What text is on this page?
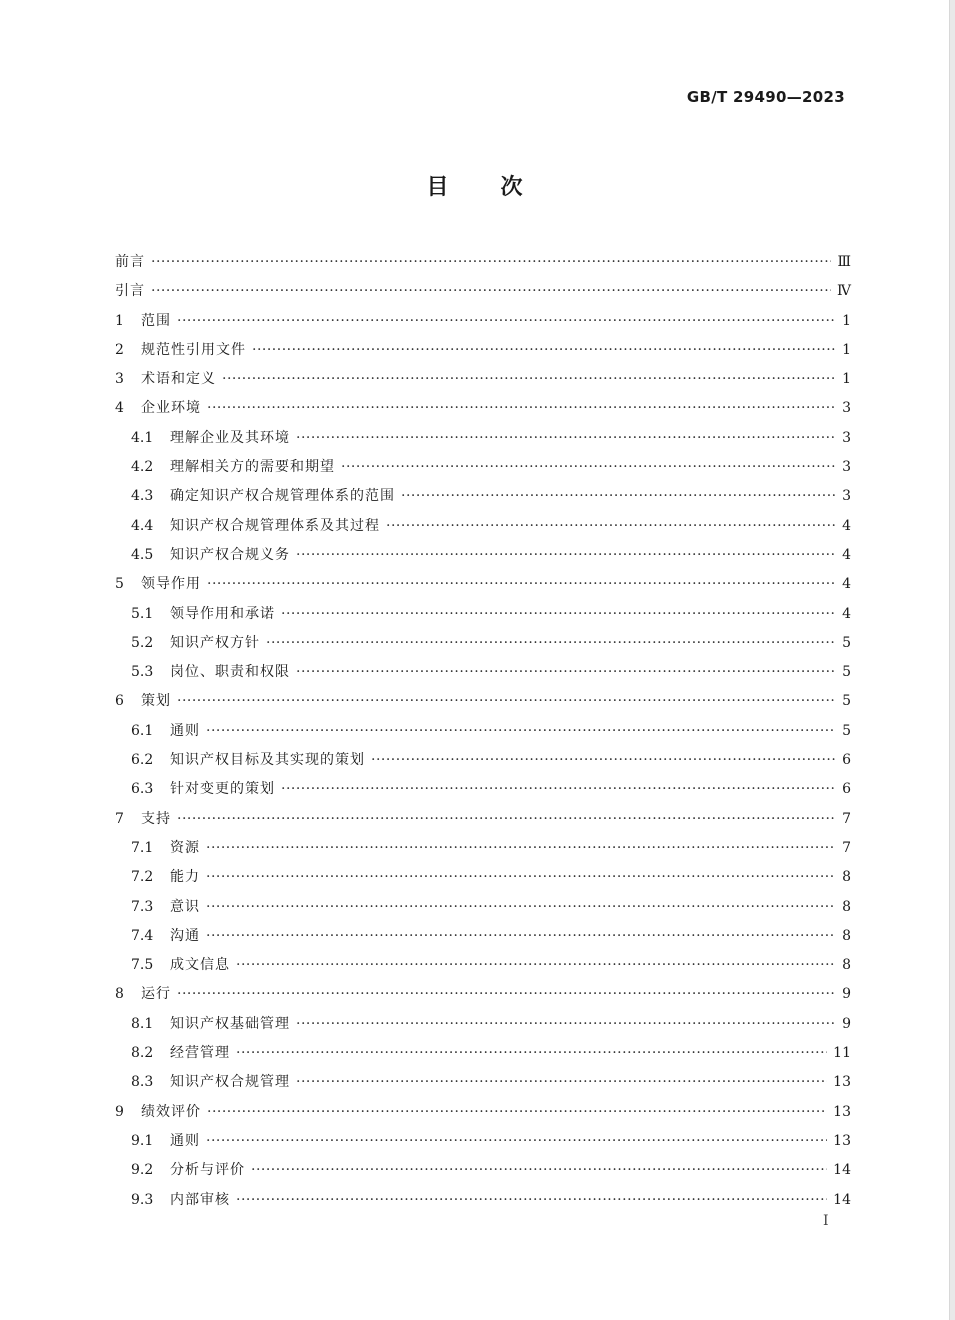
GB/T 29490—2023
目 次
前言 ·····	Ⅲ
引言 ·····	Ⅳ
1	范围 ·····	1
2	规范性引用文件 ·····	1
3	术语和定义 ·····	1
4	企业环境 ·····	3
4.1	理解企业及其环境 ·····	3
4.2	理解相关方的需要和期望 ·····	3
4.3	确定知识产权合规管理体系的范围 ·····	3
4.4	知识产权合规管理体系及其过程 ·····	4
4.5	知识产权合规义务 ·····	4
5	领导作用 ·····	4
5.1	领导作用和承诺 ·····	4
5.2	知识产权方针 ·····	5
5.3	岗位、职责和权限 ·····	5
6	策划 ·····	5
6.1	通则 ·····	5
6.2	知识产权目标及其实现的策划 ·····	6
6.3	针对变更的策划 ·····	6
7	支持 ·····	7
7.1	资源 ·····	7
7.2	能力 ·····	8
7.3	意识 ·····	8
7.4	沟通 ·····	8
7.5	成文信息 ·····	8
8	运行 ·····	9
8.1	知识产权基础管理 ·····	9
8.2	经营管理 ·····	11
8.3	知识产权合规管理 ·····	13
9	绩效评价 ·····	13
9.1	通则 ·····	13
9.2	分析与评价 ·····	14
9.3	内部审核 ·····	14
I
